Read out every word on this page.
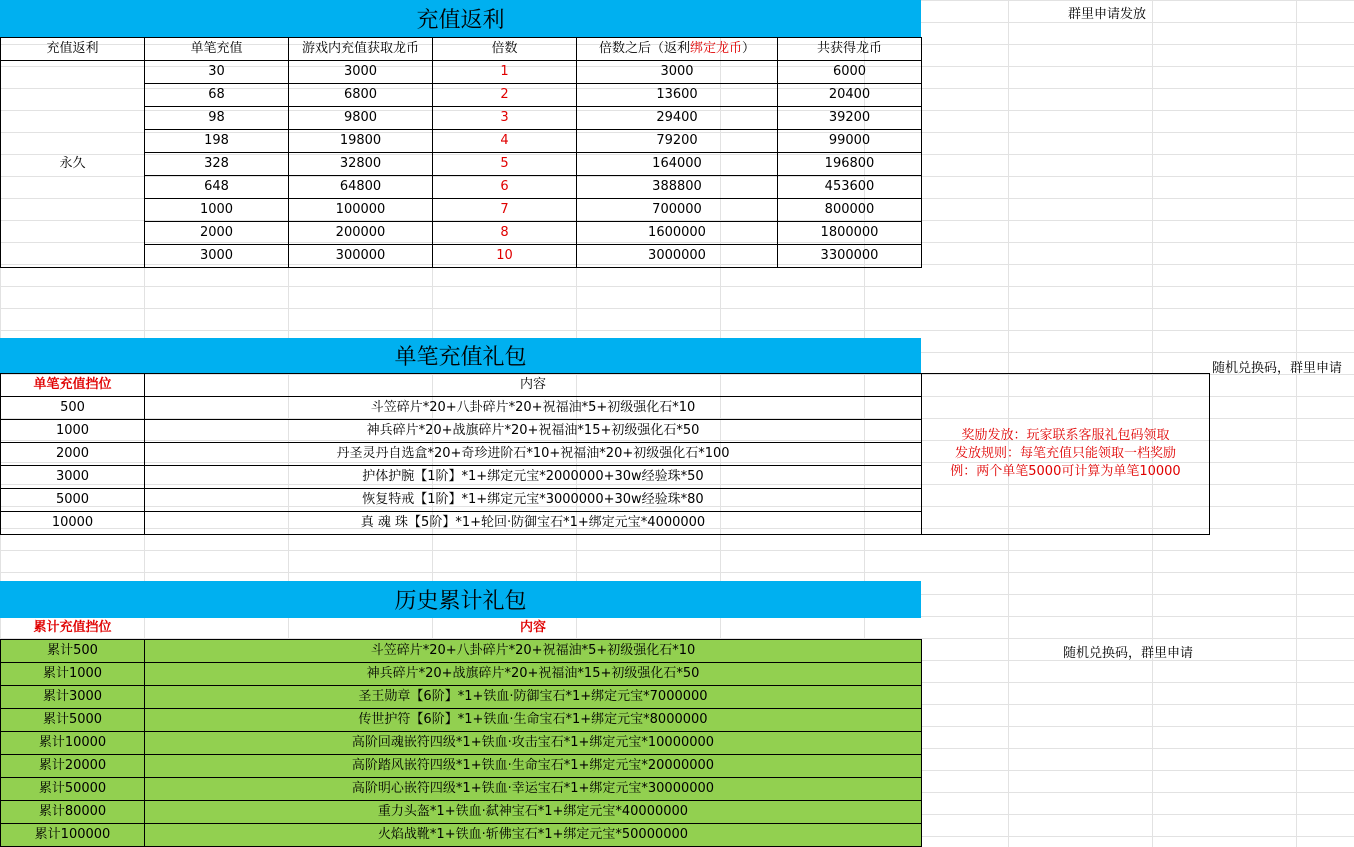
充值返利	群里申请发放
充值返利	单笔充值	游戏内充值获取龙币	倍数	倍数之后（返利绑定龙币）	共获得龙币
永久	30	3000	1	3000	6000
	68	6800	2	13600	20400
	98	9800	3	29400	39200
	198	19800	4	79200	99000
	328	32800	5	164000	196800
	648	64800	6	388800	453600
	1000	100000	7	700000	800000
	2000	200000	8	1600000	1800000
	3000	300000	10	3000000	3300000
单笔充值礼包	随机兑换码，群里申请
单笔充值挡位	内容	奖励发放：玩家联系客服礼包码领取
发放规则：每笔充值只能领取一档奖励
例：两个单笔5000可计算为单笔10000

500	斗笠碎片*20+八卦碎片*20+祝福油*5+初级强化石*10	
1000	神兵碎片*20+战旗碎片*20+祝福油*15+初级强化石*50	
2000	丹圣灵丹自选盒*20+奇珍进阶石*10+祝福油*20+初级强化石*100	
3000	护体护腕【1阶】*1+绑定元宝*2000000+30w经验珠*50	
5000	恢复特戒【1阶】*1+绑定元宝*3000000+30w经验珠*80	
10000	真 魂 珠【5阶】*1+轮回·防御宝石*1+绑定元宝*4000000	
历史累计礼包
随机兑换码，群里申请
累计充值挡位	内容
累计500	斗笠碎片*20+八卦碎片*20+祝福油*5+初级强化石*10
累计1000	神兵碎片*20+战旗碎片*20+祝福油*15+初级强化石*50
累计3000	圣王勋章【6阶】*1+铁血·防御宝石*1+绑定元宝*7000000
累计5000	传世护符【6阶】*1+铁血·生命宝石*1+绑定元宝*8000000
累计10000	高阶回魂嵌符四级*1+铁血·攻击宝石*1+绑定元宝*10000000
累计20000	高阶踏风嵌符四级*1+铁血·生命宝石*1+绑定元宝*20000000
累计50000	高阶明心嵌符四级*1+铁血·幸运宝石*1+绑定元宝*30000000
累计80000	重力头盔*1+铁血·弑神宝石*1+绑定元宝*40000000
累计100000	火焰战靴*1+铁血·斩佛宝石*1+绑定元宝*50000000
